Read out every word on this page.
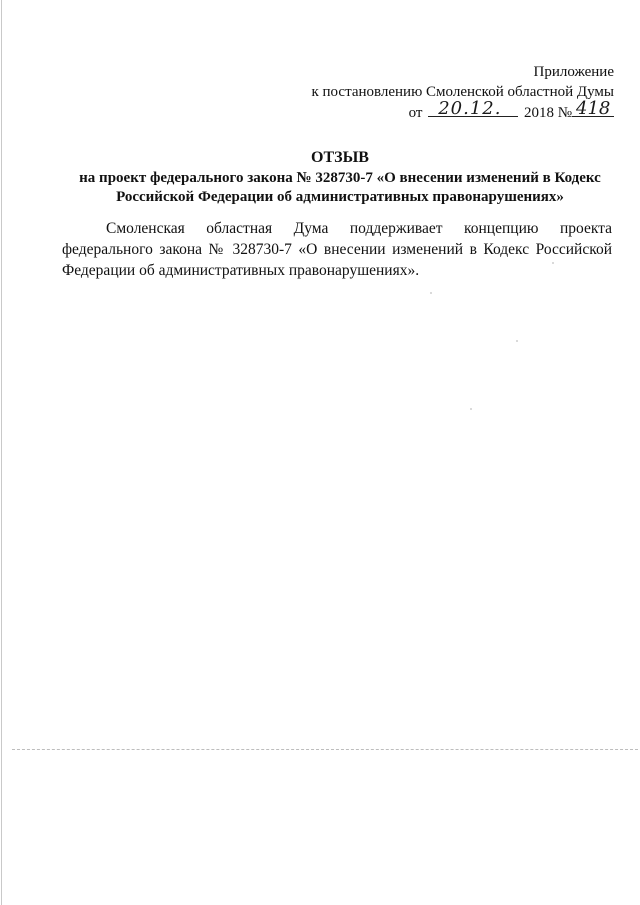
Приложение
к постановлению Смоленской областной Думы
от 20.12. 2018 № 418
ОТЗЫВ
на проект федерального закона № 328730-7 «О внесении изменений в Кодекс
Российской Федерации об административных правонарушениях»
Смоленская областная Дума поддерживает концепцию проекта федерального закона № 328730-7 «О внесении изменений в Кодекс Российской Федерации об административных правонарушениях».
